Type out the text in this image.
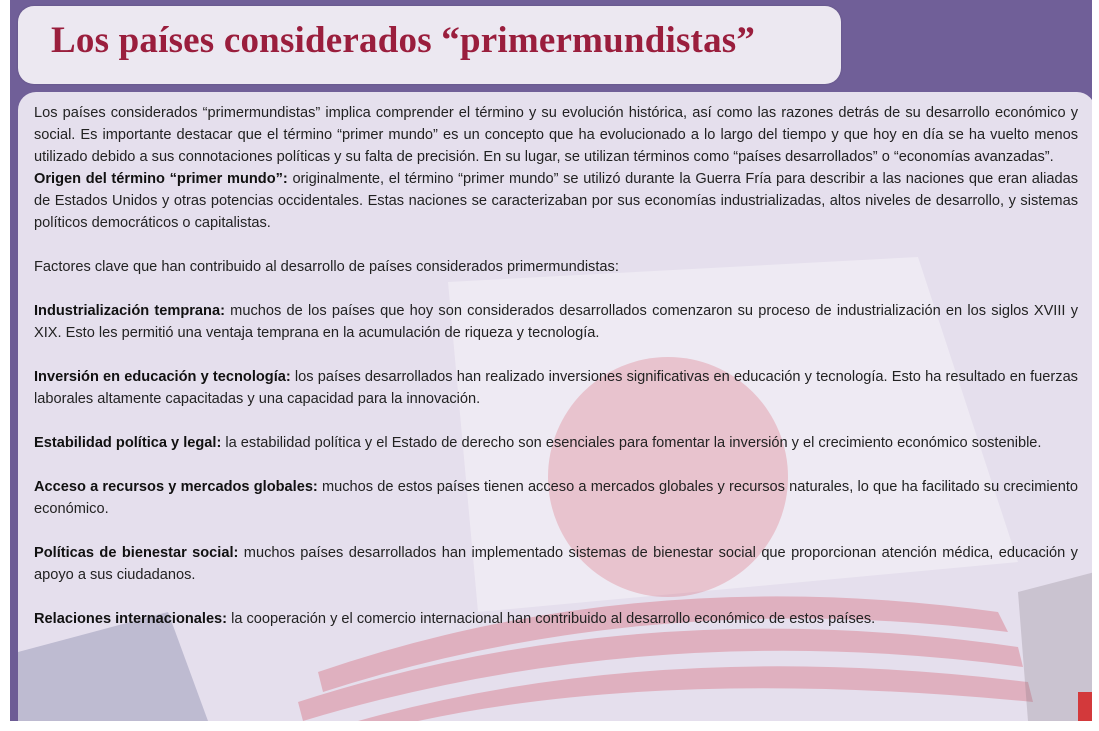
Los países considerados “primermundistas”

Los países considerados “primermundistas” implica comprender el término y su evolución histórica, así como las razones detrás de su desarrollo económico y social. Es importante destacar que el término “primer mundo” es un concepto que ha evolucionado a lo largo del tiempo y que hoy en día se ha vuelto menos utilizado debido a sus connotaciones políticas y su falta de precisión. En su lugar, se utilizan términos como “países desarrollados” o “economías avanzadas”.

Origen del término “primer mundo”: originalmente, el término “primer mundo” se utilizó durante la Guerra Fría para describir a las naciones que eran aliadas de Estados Unidos y otras potencias occidentales. Estas naciones se caracterizaban por sus economías industrializadas, altos niveles de desarrollo, y sistemas políticos democráticos o capitalistas.

Factores clave que han contribuido al desarrollo de países considerados primermundistas:

Industrialización temprana: muchos de los países que hoy son considerados desarrollados comenzaron su proceso de industrialización en los siglos XVIII y XIX. Esto les permitió una ventaja temprana en la acumulación de riqueza y tecnología.

Inversión en educación y tecnología: los países desarrollados han realizado inversiones significativas en educación y tecnología. Esto ha resultado en fuerzas laborales altamente capacitadas y una capacidad para la innovación.

Estabilidad política y legal: la estabilidad política y el Estado de derecho son esenciales para fomentar la inversión y el crecimiento económico sostenible.

Acceso a recursos y mercados globales: muchos de estos países tienen acceso a mercados globales y recursos naturales, lo que ha facilitado su crecimiento económico.

Políticas de bienestar social: muchos países desarrollados han implementado sistemas de bienestar social que proporcionan atención médica, educación y apoyo a sus ciudadanos.

Relaciones internacionales: la cooperación y el comercio internacional han contribuido al desarrollo económico de estos países.
